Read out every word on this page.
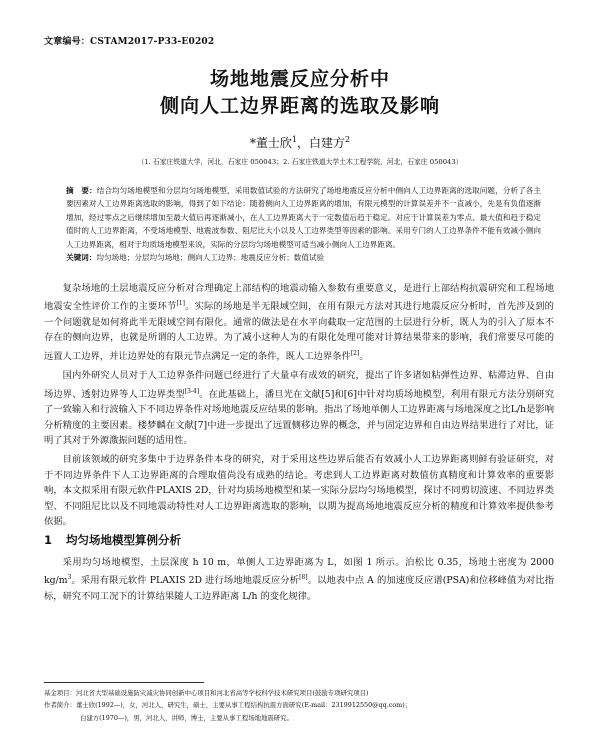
文章编号：CSTAM2017-P33-E0202
场地地震反应分析中
侧向人工边界距离的选取及影响
*董士欣$^1$，白建方$^2$
（1. 石家庄铁道大学，河北，石家庄 050043；2. 石家庄铁道大学土木工程学院，河北，石家庄 050043）
摘　要：结合均匀场地模型和分层均匀场地模型，采用数值试验的方法研究了场地地震反应分析中侧向人工边界距离的选取问题，分析了各主要因素对人工边界距离选取的影响，得到了如下结论：随着侧向人工边界距离的增加，有限元模型的计算误差并不一直减小，先是有负值逐渐增加，经过零点之后继续增加至最大值后再逐渐减小，在人工边界距离大于一定数值后趋于稳定。对应于计算误差为零点、最大值和趋于稳定值时的人工边界距离，不受场地模型、地震波参数、阻尼比大小以及人工边界类型等因素的影响。采用专门的人工边界条件不能有效减小侧向人工边界距离，相对于均质场地模型来说，实际的分层均匀场地模型可适当减小侧向人工边界距离。
关键词：均匀场地；分层均匀场地；侧向人工边界；地震反应分析；数值试验

复杂场地的土层地震反应分析对合理确定上部结构的地震动输入参数有重要意义，是进行上部结构抗震研究和工程场地地震安全性评价工作的主要环节[1]。实际的场地是半无限域空间，在用有限元方法对其进行地震反应分析时，首先涉及到的一个问题就是如何将此半无限域空间有限化。通常的做法是在水平向截取一定范围的土层进行分析，既人为的引入了原本不存在的侧向边界，也就是所谓的人工边界。为了减小这种人为的有限化处理可能对计算结果带来的影响，我们常要尽可能的远置人工边界，并让边界处的有限元节点满足一定的条件，既人工边界条件[2]。

国内外研究人员对于人工边界条件问题已经进行了大量卓有成效的研究，提出了许多诸如粘弹性边界、粘滞边界、自由场边界、透射边界等人工边界类型[3-4]。在此基础上，潘旦光在文献[5]和[6]中针对均质场地模型，利用有限元方法分别研究了一致输入和行波输入下不同边界条件对场地地震反应结果的影响。指出了场地单侧人工边界距离与场地深度之比L/h是影响分析精度的主要因素。楼梦麟在文献[7]中进一步提出了远置侧移边界的概念，并与固定边界和自由边界结果进行了对比，证明了其对于外源激振问题的适用性。

目前该领域的研究多集中于边界条件本身的研究，对于采用这些边界后能否有效减小人工边界距离则鲜有验证研究，对于不同边界条件下人工边界距离的合理取值尚没有成熟的结论。考虑到人工边界距离对数值仿真精度和计算效率的重要影响，本文拟采用有限元软件PLAXIS 2D，针对均质场地模型和某一实际分层均匀场地模型，探讨不同剪切波速、不同边界类型、不同阻尼比以及不同地震动特性对人工边界距离选取的影响，以期为提高场地地震反应分析的精度和计算效率提供参考依据。

1 均匀场地模型算例分析

采用均匀场地模型，土层深度 h 10 m，单侧人工边界距离为 L，如图 1 所示。泊松比 0.35，场地土密度为 2000 $kg/m^3$。采用有限元软件 PLAXIS 2D 进行场地地震反应分析[8]。以地表中点 A 的加速度反应谱(PSA)和位移峰值为对比指标，研究不同工况下的计算结果随人工边界距离 L/h 的变化规律。

基金项目：河北省大型基础设施防灾减灾协同创新中心项目和河北省高等学校科学技术研究项目(鼓励专项研究项目)
作者简介：董士欣(1992—)，女，河北人，研究生，硕士，主要从事工程结构抗震方面研究(E-mail：2319912550@qq.com)；
白建方(1970—)，男，河北人，讲师，博士，主要从事工程场地地震研究。
